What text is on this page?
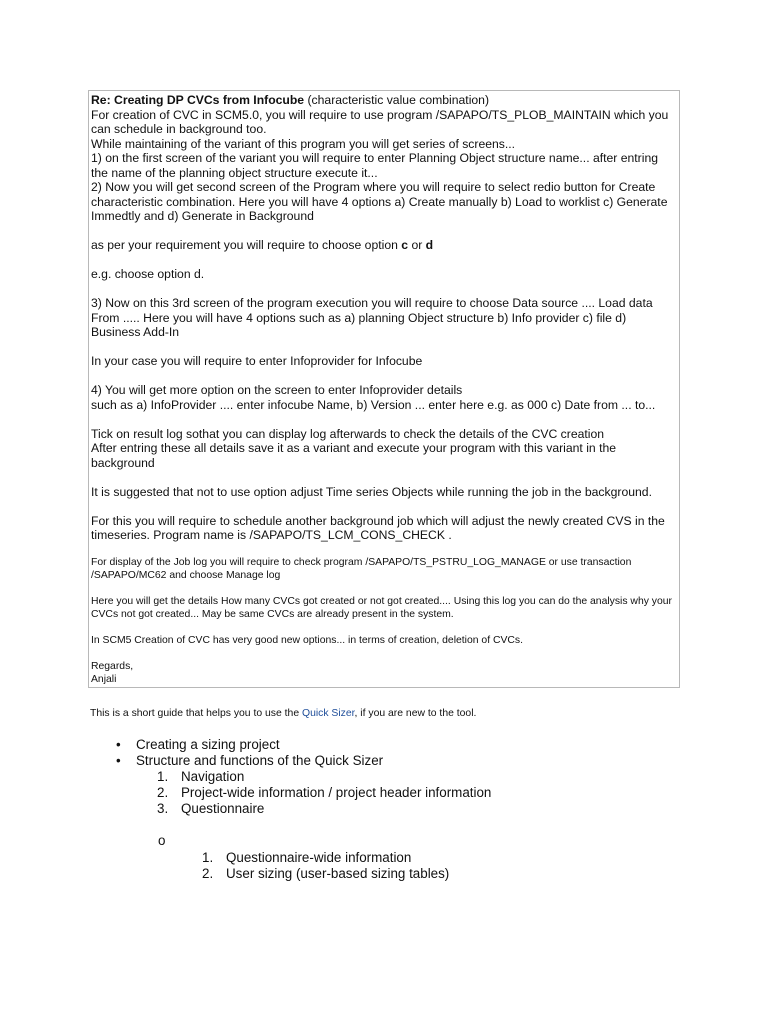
Re: Creating DP CVCs from Infocube (characteristic value combination)

For creation of CVC in SCM5.0, you will require to use program /SAPAPO/TS_PLOB_MAINTAIN which you can schedule in background too.

While maintaining of the variant of this program you will get series of screens...

1) on the first screen of the variant you will require to enter Planning Object structure name... after entring the name of the planning object structure execute it...

2) Now you will get second screen of the Program where you will require to select redio button for Create characteristic combination. Here you will have 4 options a) Create manually b) Load to worklist c) Generate Immedtly and d) Generate in Background

as per your requirement you will require to choose option c or d

e.g. choose option d.

3) Now on this 3rd screen of the program execution you will require to choose Data source .... Load data From ..... Here you will have 4 options such as a) planning Object structure b) Info provider c) file d) Business Add-In

In your case you will require to enter Infoprovider for Infocube

4) You will get more option on the screen to enter Infoprovider details

such as a) InfoProvider .... enter infocube Name, b) Version ... enter here e.g. as 000 c) Date from ... to...

Tick on result log sothat you can display log afterwards to check the details of the CVC creation

After entring these all details save it as a variant and execute your program with this variant in the background

It is suggested that not to use option adjust Time series Objects while running the job in the background.

For this you will require to schedule another background job which will adjust the newly created CVS in the timeseries. Program name is /SAPAPO/TS_LCM_CONS_CHECK .

For display of the Job log you will require to check program /SAPAPO/TS_PSTRU_LOG_MANAGE or use transaction /SAPAPO/MC62 and choose Manage log

Here you will get the details How many CVCs got created or not got created.... Using this log you can do the analysis why your CVCs not got created... May be same CVCs are already present in the system.

In SCM5 Creation of CVC has very good new options... in terms of creation, deletion of CVCs.

Regards,

Anjali

This is a short guide that helps you to use the Quick Sizer, if you are new to the tool.
• Creating a sizing project
• Structure and functions of the Quick Sizer
1. Navigation
2. Project-wide information / project header information
3. Questionnaire
o
1. Questionnaire-wide information
2. User sizing (user-based sizing tables)
